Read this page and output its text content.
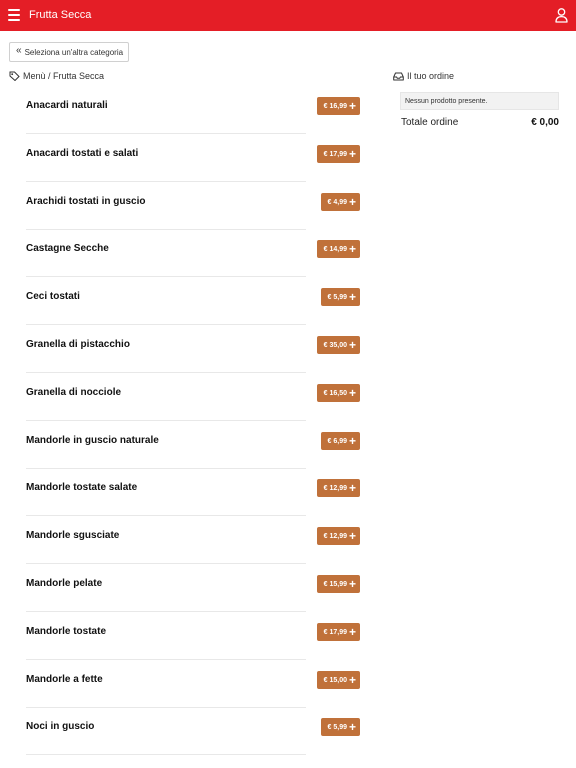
Frutta Secca
« Seleziona un'altra categoria
Menù / Frutta Secca
Anacardi naturali	€ 16,99 +
Anacardi tostati e salati	€ 17,99 +
Arachidi tostati in guscio	€ 4,99 +
Castagne Secche	€ 14,99 +
Ceci tostati	€ 5,99 +
Granella di pistacchio	€ 35,00 +
Granella di nocciole	€ 16,50 +
Mandorle in guscio naturale	€ 6,99 +
Mandorle tostate salate	€ 12,99 +
Mandorle sgusciate	€ 12,99 +
Mandorle pelate	€ 15,99 +
Mandorle tostate	€ 17,99 +
Mandorle a fette	€ 15,00 +
Noci in guscio	€ 5,99 +
Il tuo ordine
Nessun prodotto presente.
Totale ordine	€ 0,00
